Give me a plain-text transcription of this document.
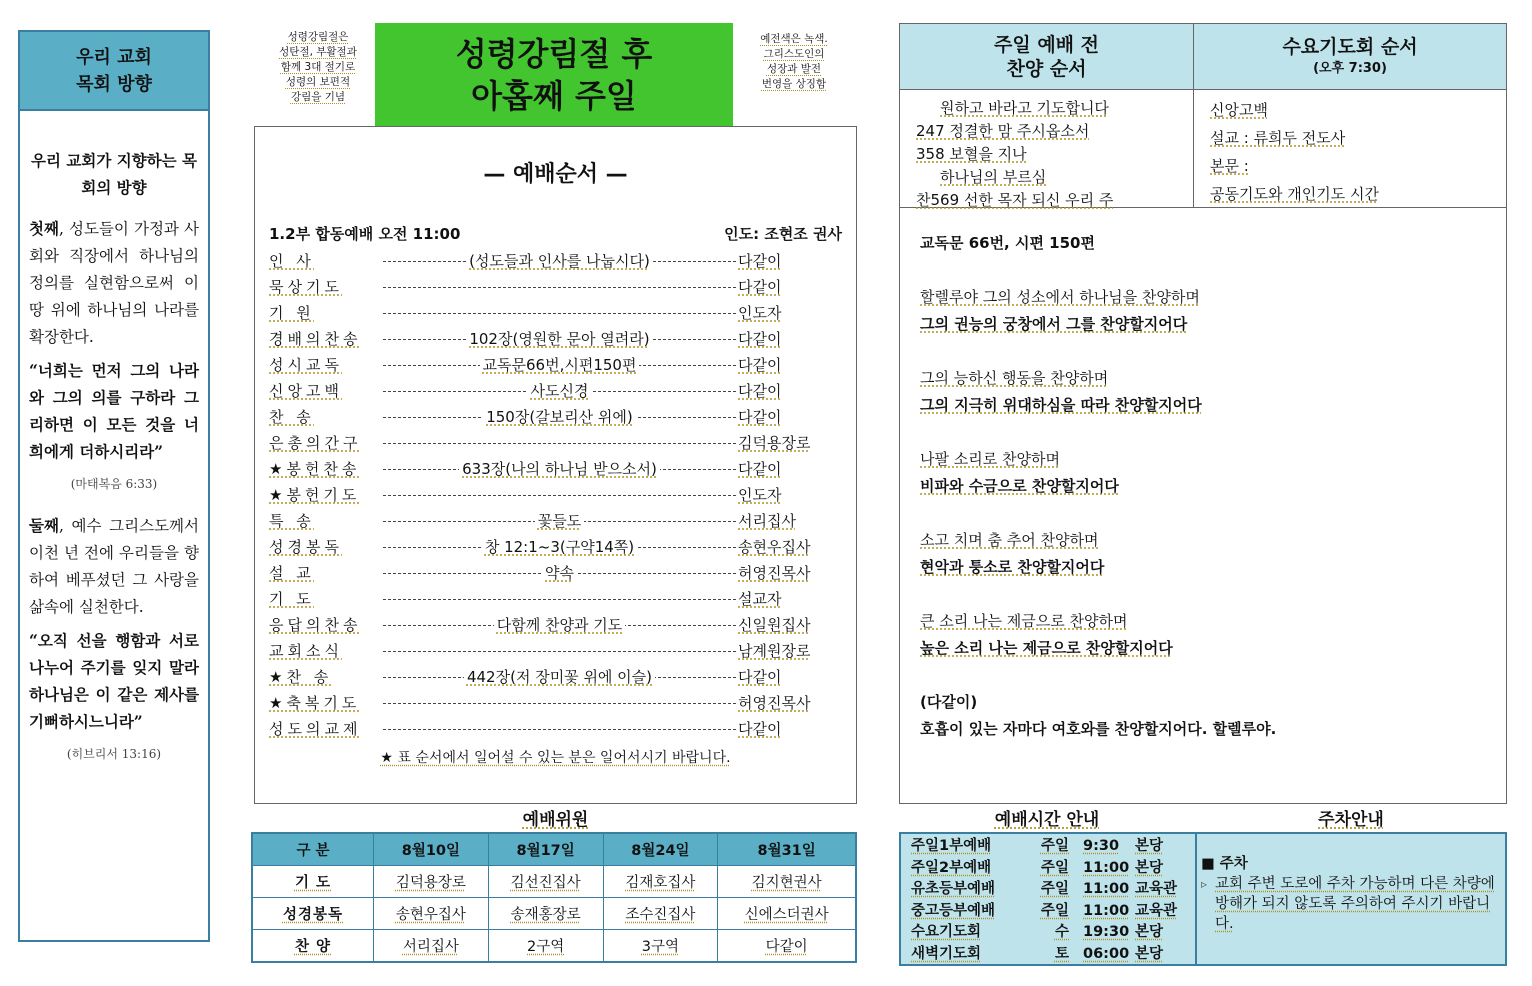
우리 교회
목회 방향
우리 교회가 지향하는 목회의 방향

첫째, 성도들이 가정과 사회와 직장에서 하나님의 정의를 실현함으로써 이 땅 위에 하나님의 나라를 확장한다.

“너희는 먼저 그의 나라와 그의 의를 구하라 그리하면 이 모든 것을 너희에게 더하시리라”

(마태복음 6:33)

둘째, 예수 그리스도께서 이천 년 전에 우리들을 향하여 베푸셨던 그 사랑을 삶속에 실천한다.

“오직 선을 행함과 서로 나누어 주기를 잊지 말라 하나님은 이 같은 제사를 기뻐하시느니라”

(히브리서 13:16)
성령강림절은
성탄절, 부활절과
함께 3대 절기로
성령의 보편적
강림을 기념
성령강림절 후
아홉째 주일
예전색은 녹색.
그리스도인의
성장과 발전
번영을 상징함
— 예배순서 —
1.2부 합동예배 오전 11:00	인도: 조현조 권사
인 사	(성도들과 인사를 나눕시다)	다같이
묵상기도	다같이
기 원	인도자
경배의찬송	102장(영원한 문아 열려라)	다같이
성시교독	교독문66번,시편150편	다같이
신앙고백	사도신경	다같이
찬 송	150장(갈보리산 위에)	다같이
은총의간구	김덕용장로
★봉헌찬송	633장(나의 하나님 받으소서)	다같이
★봉헌기도	인도자
특 송	꽃들도	서리집사
성경봉독	창 12:1~3(구약14쪽)	송현우집사
설 교	약속	허영진목사
기 도	설교자
응답의찬송	다함께 찬양과 기도	신일원집사
교회소식	남계원장로
★찬 송	442장(저 장미꽃 위에 이슬)	다같이
★축복기도	허영진목사
성도의교제	다같이
★ 표 순서에서 일어설 수 있는 분은 일어서시기 바랍니다.
예배위원
구 분	8월10일	8월17일	8월24일	8월31일
기 도	김덕용장로	김선진집사	김재호집사	김지현권사
성경봉독	송현우집사	송재홍장로	조수진집사	신에스더권사
찬 양	서리집사	2구역	3구역	다같이
주일 예배 전
찬양 순서
수요기도회 순서
(오후 7:30)
원하고 바라고 기도합니다
247 정결한 맘 주시옵소서
358 보혈을 지나
하나님의 부르심
찬569 선한 목자 되신 우리 주
신앙고백
설교 : 류희두 전도사
본문 :
공동기도와 개인기도 시간

교독문 66번, 시편 150편

할렐루야 그의 성소에서 하나님을 찬양하며

그의 권능의 궁창에서 그를 찬양할지어다

그의 능하신 행동을 찬양하며

그의 지극히 위대하심을 따라 찬양할지어다

나팔 소리로 찬양하며

비파와 수금으로 찬양할지어다

소고 치며 춤 추어 찬양하며

현악과 퉁소로 찬양할지어다

큰 소리 나는 제금으로 찬양하며

높은 소리 나는 제금으로 찬양할지어다

(다같이)

호흡이 있는 자마다 여호와를 찬양할지어다. 할렐루야.

예배시간 안내	주차안내
주일1부예배	주일 9:30 본당
주일2부예배	주일 11:00 본당
유초등부예배	주일 11:00 교육관
중고등부예배	주일 11:00 교육관
수요기도회	수 19:30 본당
새벽기도회	토 06:00 본당
■ 주차
▹ 교회 주변 도로에 주차 가능하며 다른 차량에 방해가 되지 않도록 주의하여 주시기 바랍니다.
